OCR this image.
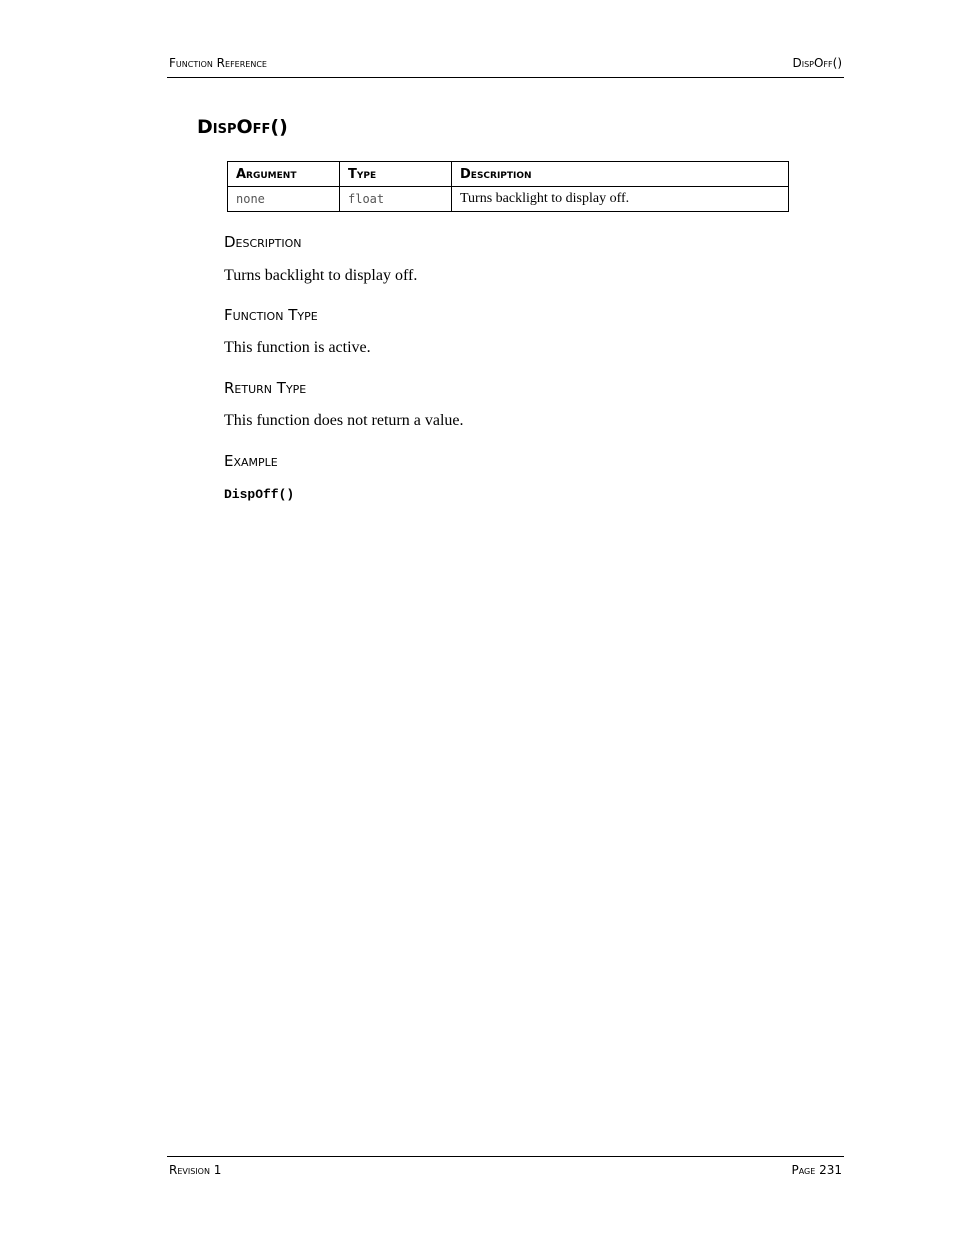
Function Reference	DispOff()
DispOff()
Argument	Type	Description
none	float	Turns backlight to display off.
Description

Turns backlight to display off.

Function Type

This function is active.

Return Type

This function does not return a value.

Example

DispOff()

Revision 1	Page 231
